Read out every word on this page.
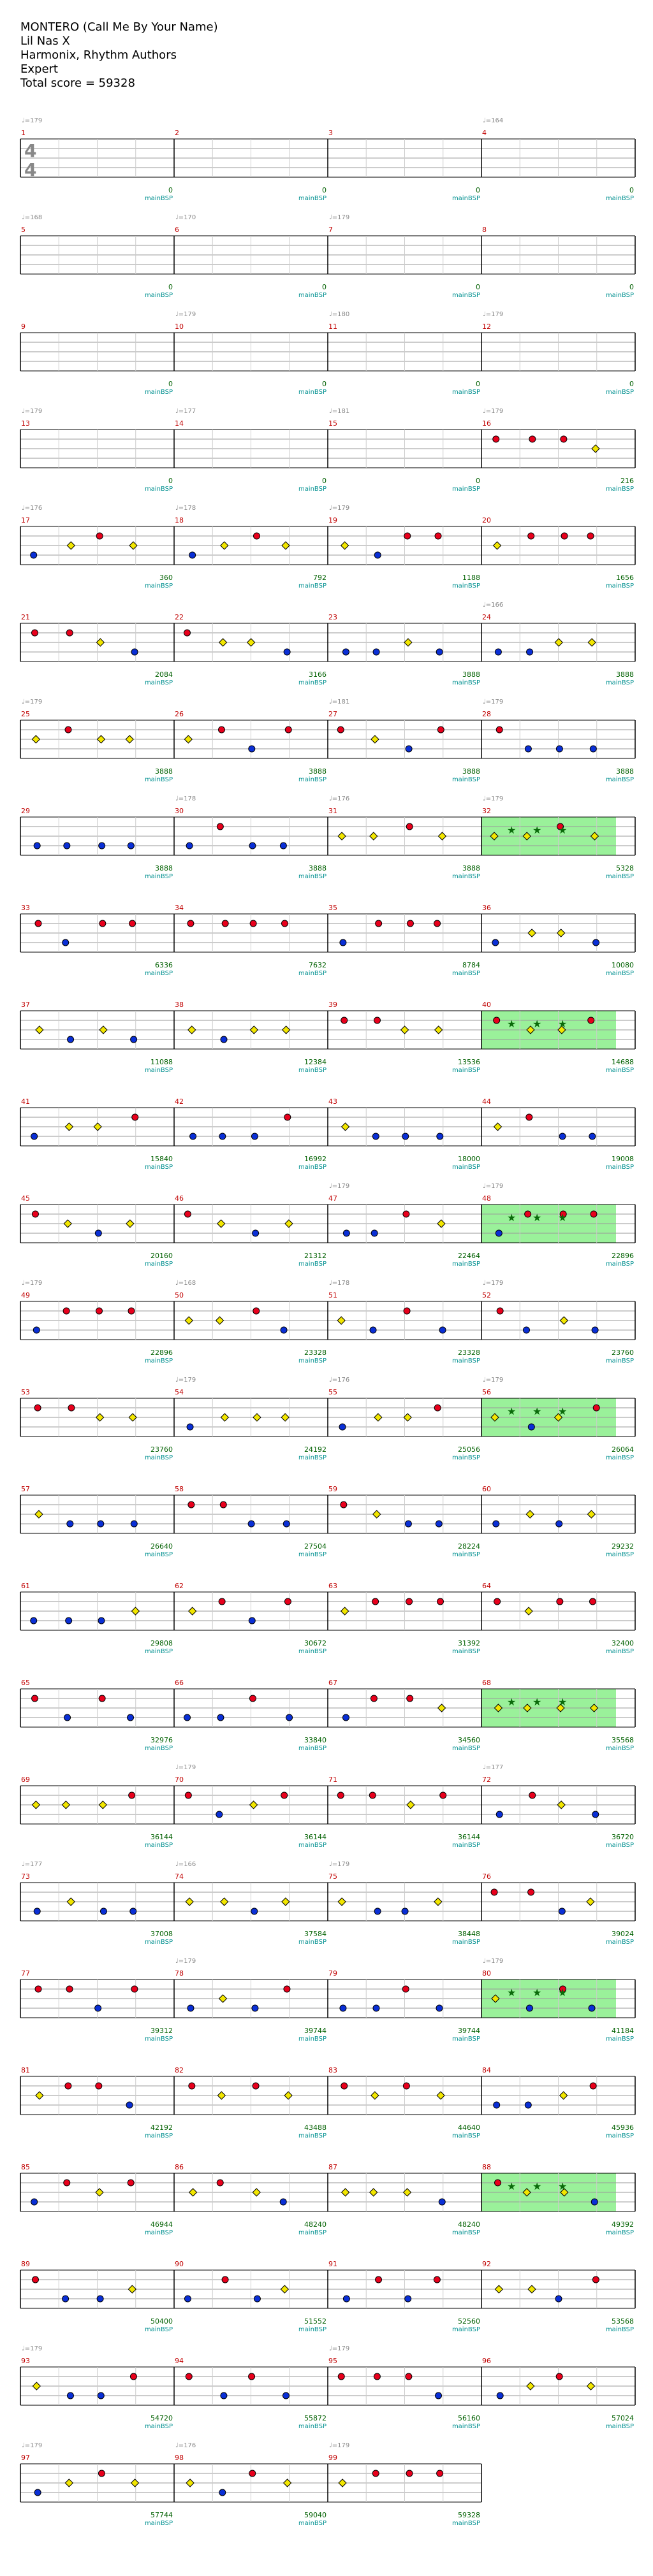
MONTERO (Call Me By Your Name)
Lil Nas X
Harmonix, Rhythm Authors
Expert
Total score = 59328
4
4
1
0
mainBSP
2
0
mainBSP
3
0
mainBSP
4
0
mainBSP
5
0
mainBSP
6
0
mainBSP
7
0
mainBSP
8
0
mainBSP
9
0
mainBSP
10
0
mainBSP
11
0
mainBSP
12
0
mainBSP
13
0
mainBSP
14
0
mainBSP
15
0
mainBSP
16
216
mainBSP
17
360
mainBSP
18
792
mainBSP
19
1188
mainBSP
20
1656
mainBSP
21
2084
mainBSP
22
3166
mainBSP
23
3888
mainBSP
24
3888
mainBSP
25
3888
mainBSP
26
3888
mainBSP
27
3888
mainBSP
28
3888
mainBSP
29
3888
mainBSP
30
3888
mainBSP
31
3888
mainBSP
32
5328
mainBSP
★ ★ ★
33
6336
mainBSP
34
7632
mainBSP
35
8784
mainBSP
36
10080
mainBSP
37
11088
mainBSP
38
12384
mainBSP
39
13536
mainBSP
40
14688
mainBSP
★ ★ ★
41
15840
mainBSP
42
16992
mainBSP
43
18000
mainBSP
44
19008
mainBSP
45
20160
mainBSP
46
21312
mainBSP
47
22464
mainBSP
48
22896
mainBSP
★ ★ ★
49
22896
mainBSP
50
23328
mainBSP
51
23328
mainBSP
52
23760
mainBSP
53
23760
mainBSP
54
24192
mainBSP
55
25056
mainBSP
56
26064
mainBSP
★ ★ ★
57
26640
mainBSP
58
27504
mainBSP
59
28224
mainBSP
60
29232
mainBSP
61
29808
mainBSP
62
30672
mainBSP
63
31392
mainBSP
64
32400
mainBSP
65
32976
mainBSP
66
33840
mainBSP
67
34560
mainBSP
68
35568
mainBSP
★ ★ ★
69
36144
mainBSP
70
36144
mainBSP
71
36144
mainBSP
72
36720
mainBSP
73
37008
mainBSP
74
37584
mainBSP
75
38448
mainBSP
76
39024
mainBSP
77
39312
mainBSP
78
39744
mainBSP
79
39744
mainBSP
80
41184
mainBSP
★ ★ ★
81
42192
mainBSP
82
43488
mainBSP
83
44640
mainBSP
84
45936
mainBSP
85
46944
mainBSP
86
48240
mainBSP
87
48240
mainBSP
88
49392
mainBSP
★ ★ ★
89
50400
mainBSP
90
51552
mainBSP
91
52560
mainBSP
92
53568
mainBSP
93
54720
mainBSP
94
55872
mainBSP
95
56160
mainBSP
96
57024
mainBSP
97
57744
mainBSP
98
59040
mainBSP
99
59328
mainBSP
♩=179	♩=164
♩=168	♩=170	♩=179
♩=179	♩=180	♩=179
♩=179	♩=177	♩=181	♩=179
♩=176	♩=178	♩=179
♩=166
♩=179	♩=181	♩=179
♩=178	♩=176	♩=179
♩=179	♩=179
♩=179	♩=168	♩=178	♩=179
♩=179	♩=176	♩=179
♩=179	♩=177
♩=177	♩=166	♩=179
♩=179	♩=179
♩=179	♩=179
♩=179	♩=176	♩=179
